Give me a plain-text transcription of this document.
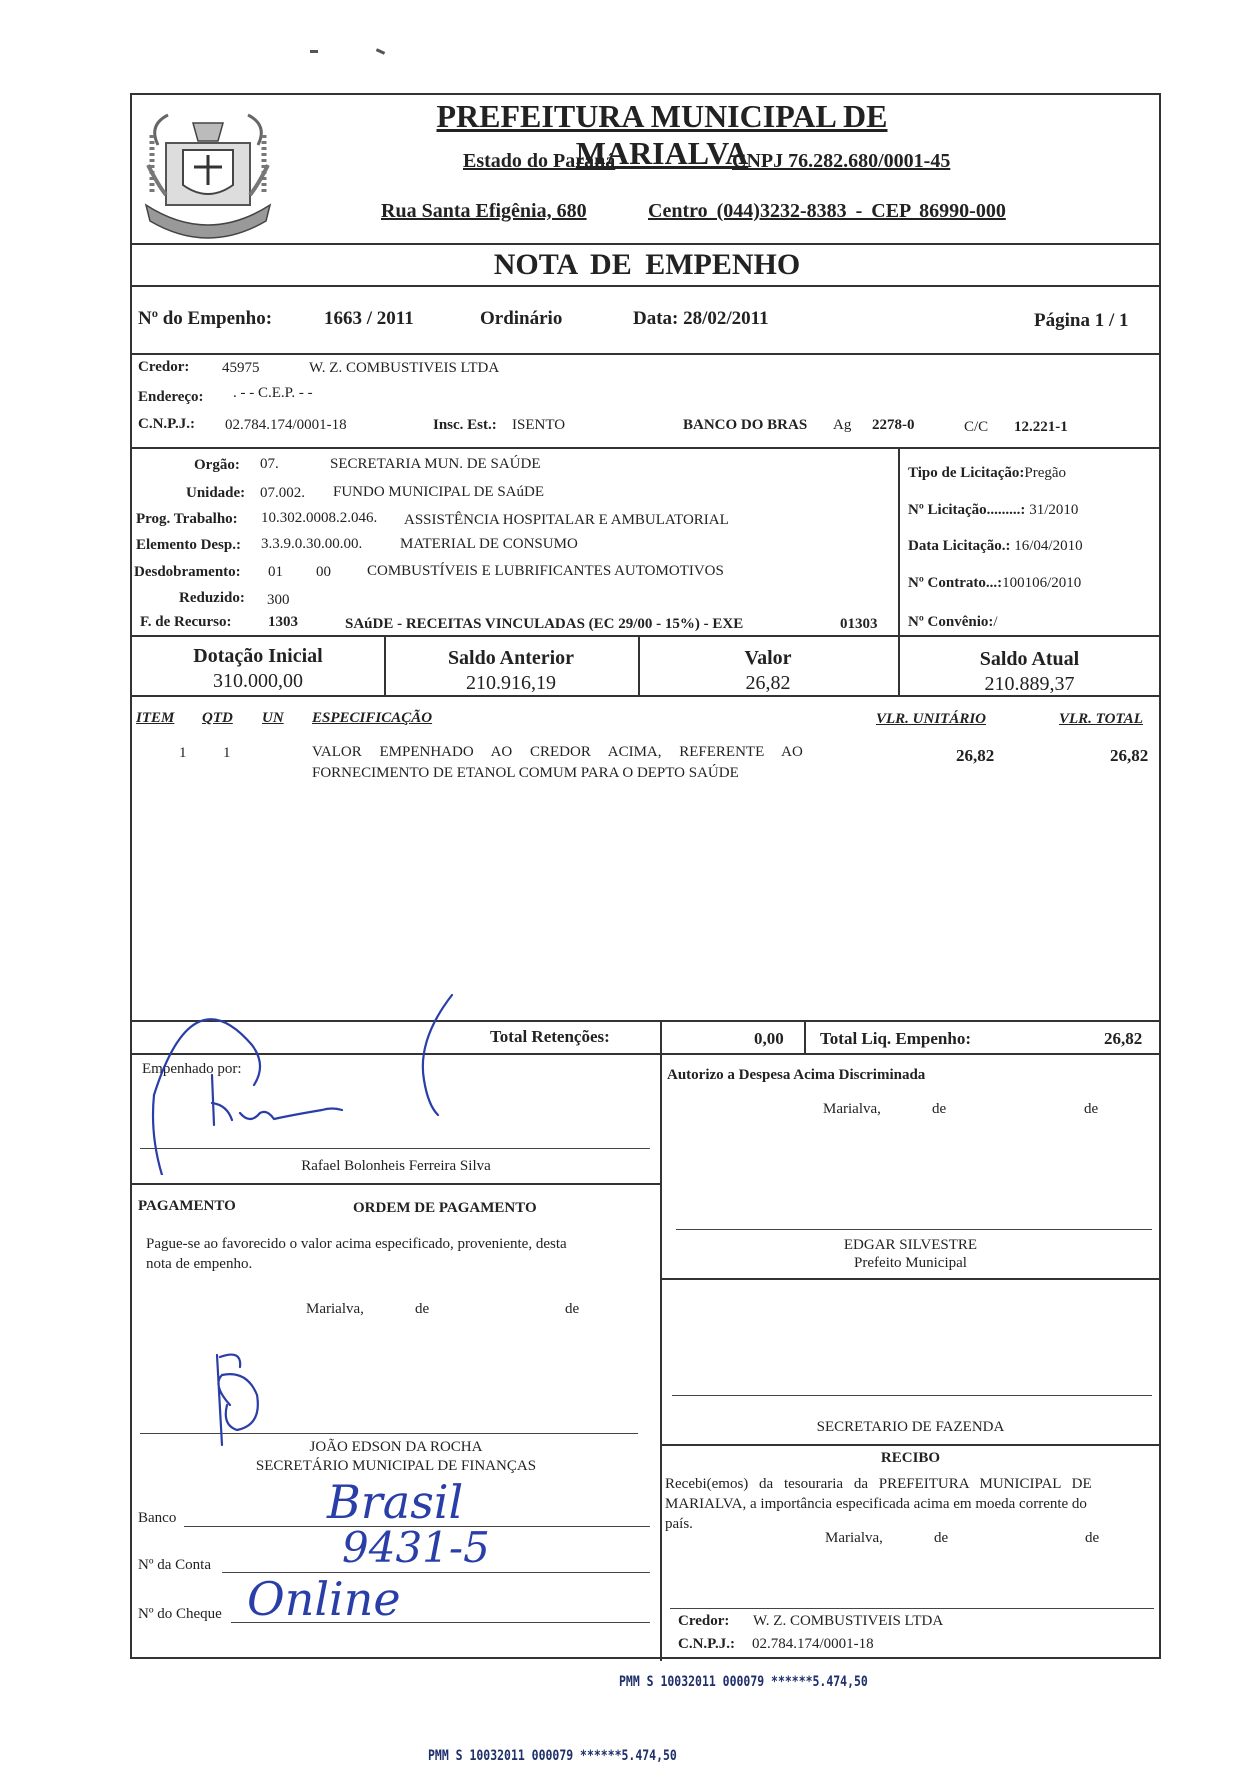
PREFEITURA MUNICIPAL DE MARIALVA
Estado do Paraná	CNPJ 76.282.680/0001-45
Rua Santa Efigênia, 680	Centro (044)3232-8383 - CEP 86990-000
NOTA DE EMPENHO
Nº do Empenho:	1663 / 2011	Ordinário	Data: 28/02/2011	Página 1 / 1
Credor: 45975	W. Z. COMBUSTIVEIS LTDA
Endereço: . - - C.E.P. - -
C.N.P.J.: 02.784.174/0001-18	Insc. Est.: ISENTO	BANCO DO BRAS Ag 2278-0	C/C 12.221-1
Orgão: 07.	SECRETARIA MUN. DE SAÚDE
Unidade: 07.002. FUNDO MUNICIPAL DE SAúDE
Prog. Trabalho: 10.302.0008.2.046. ASSISTÊNCIA HOSPITALAR E AMBULATORIAL
Elemento Desp.: 3.3.9.0.30.00.00.	MATERIAL DE CONSUMO
Desdobramento: 01 00 COMBUSTÍVEIS E LUBRIFICANTES AUTOMOTIVOS
Reduzido: 300
F. de Recurso: 1303	SAúDE - RECEITAS VINCULADAS (EC 29/00 - 15%) - EXE	01303
Tipo de Licitação:Pregão
Nº Licitação.........: 31/2010
Data Licitação.: 16/04/2010
Nº Contrato...:100106/2010
Nº Convênio:/
Dotação Inicial
310.000,00
Saldo Anterior
210.916,19
Valor
26,82
Saldo Atual
210.889,37
ITEM QTD UN ESPECIFICAÇÃO	VLR. UNITÁRIO	VLR. TOTAL
1 1	VALOR EMPENHADO AO CREDOR ACIMA, REFERENTE AO
FORNECIMENTO DE ETANOL COMUM PARA O DEPTO SAÚDE
26,82	26,82
Total Retenções:	0,00 Total Liq. Empenho:	26,82
Empenhado por:
Rafael Bolonheis Ferreira Silva
PAGAMENTO	ORDEM DE PAGAMENTO
Pague-se ao favorecido o valor acima especificado, proveniente, desta
nota de empenho.
Marialva,	de	de
JOÃO EDSON DA ROCHA
SECRETÁRIO MUNICIPAL DE FINANÇAS
Banco
Nº da Conta
Nº do Cheque
Brasil
9431-5
Online
Autorizo a Despesa Acima Discriminada
Marialva,	de	de
EDGAR SILVESTRE
Prefeito Municipal
SECRETARIO DE FAZENDA
RECIBO
Recebi(emos) da tesouraria da PREFEITURA MUNICIPAL DE
MARIALVA, a importância especificada acima em moeda corrente do
país.
Marialva,	de	de
Credor: W. Z. COMBUSTIVEIS LTDA
C.N.P.J.: 02.784.174/0001-18
PMM S 10032011 000079 ******5.474,50
PMM S 10032011 000079 ******5.474,50
